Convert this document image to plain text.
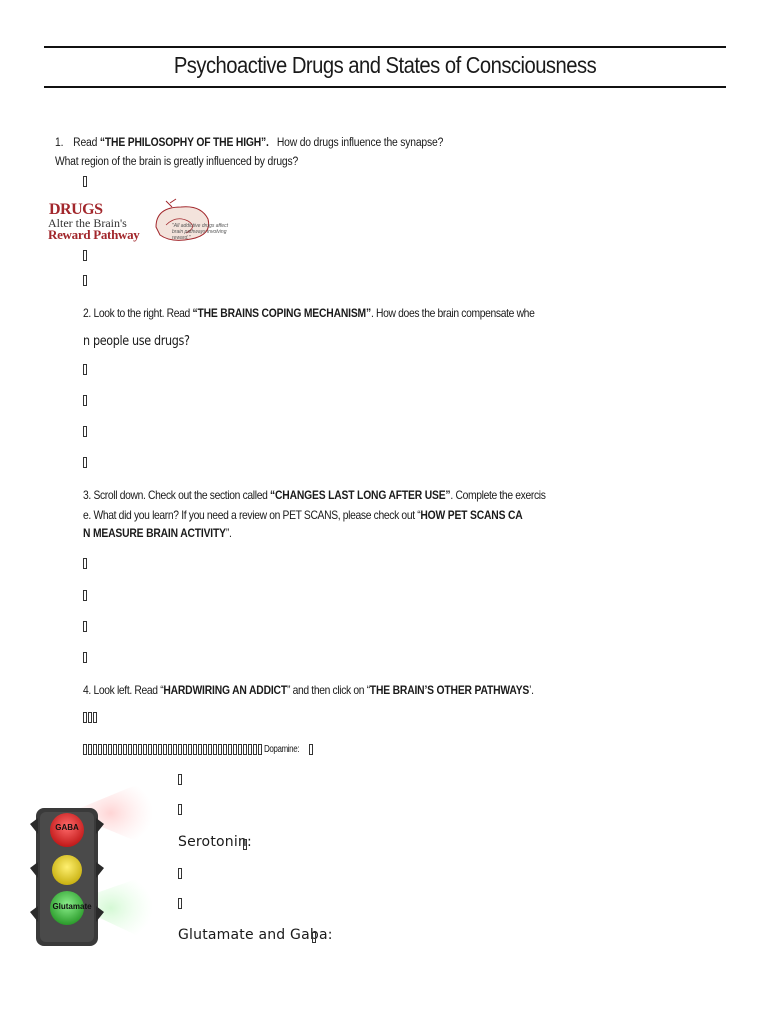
Psychoactive Drugs and States of Consciousness
1. Read “THE PHILOSOPHY OF THE HIGH”. How do drugs influence the synapse? What region of the brain is greatly influenced by drugs?
DRUGS
Alter the Brain's
Reward Pathway
"All addictive drugs affect brain pathways involving reward."
2. Look to the right. Read “THE BRAINS COPING MECHANISM”. How does the brain compensate whe
n people use drugs?
3. Scroll down. Check out the section called “CHANGES LAST LONG AFTER USE”. Complete the exercis
e. What did you learn? If you need a review on PET SCANS, please check out “HOW PET SCANS CA
N MEASURE BRAIN ACTIVITY”.
4. Look left. Read “HARDWIRING AN ADDICT” and then click on “THE BRAIN’S OTHER PATHWAYS’.
Dopamine:
Serotonin:
Glutamate and Gaba:
GABA
Glutamate
